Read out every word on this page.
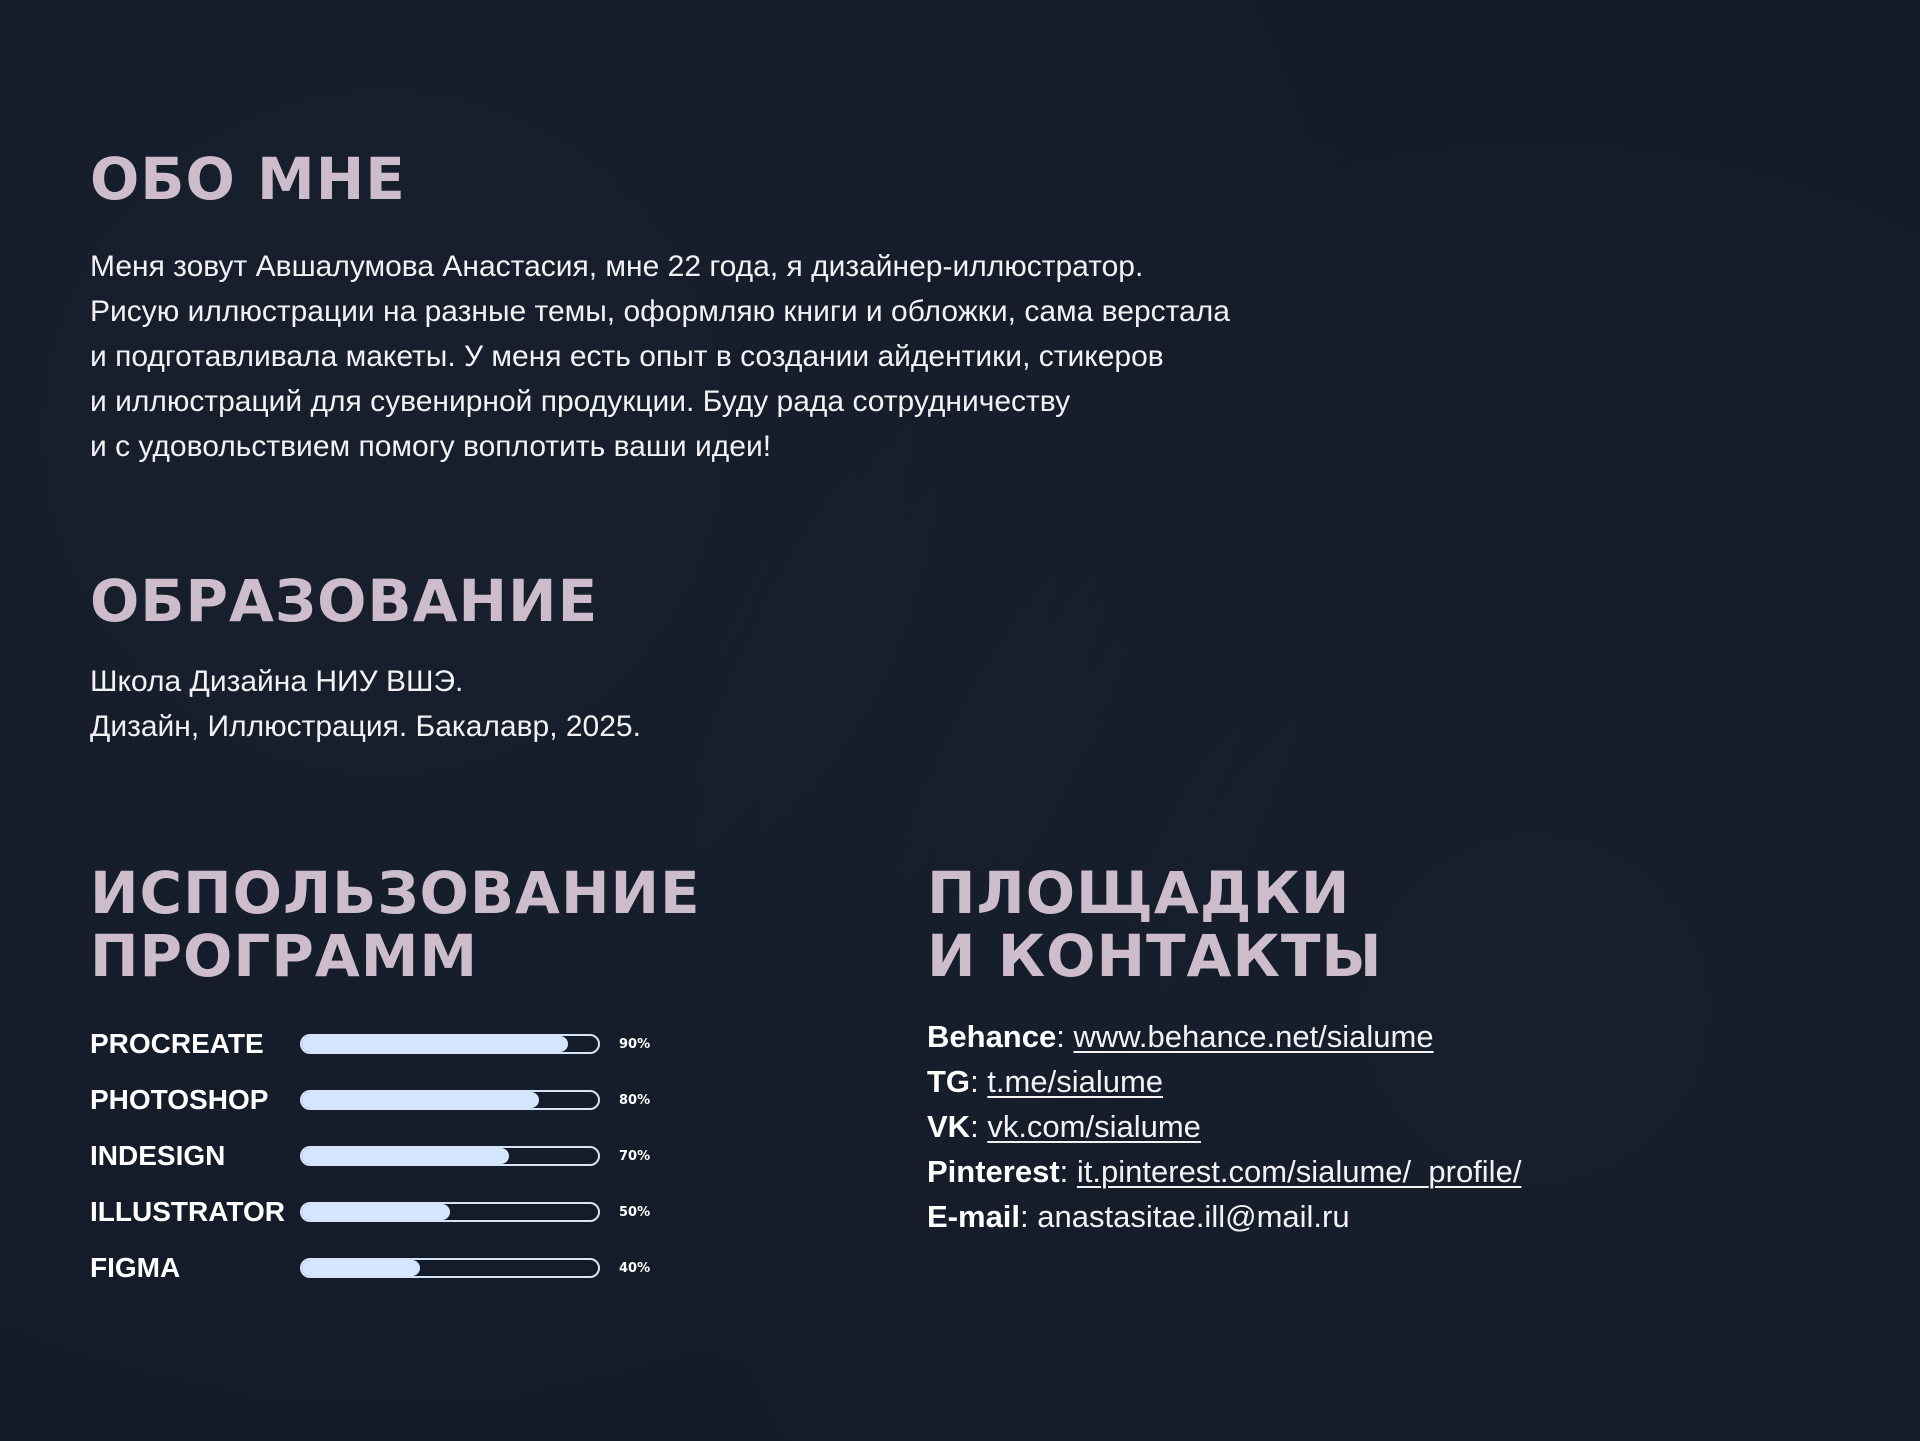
ОБО МНЕ
Меня зовут Авшалумова Анастасия, мне 22 года, я дизайнер-иллюстратор.
Рисую иллюстрации на разные темы, оформляю книги и обложки, сама верстала
и подготавливала макеты. У меня есть опыт в создании айдентики, стикеров
и иллюстраций для сувенирной продукции. Буду рада сотрудничеству
и с удовольствием помогу воплотить ваши идеи!
ОБРАЗОВАНИЕ
Школа Дизайна НИУ ВШЭ.
Дизайн, Иллюстрация. Бакалавр, 2025.
ИСПОЛЬЗОВАНИЕ
ПРОГРАММ
PROCREATE	90%
PHOTOSHOP	80%
INDESIGN	70%
ILLUSTRATOR	50%
FIGMA	40%
ПЛОЩАДКИ
И КОНТАКТЫ
Behance: www.behance.net/sialume
TG: t.me/sialume
VK: vk.com/sialume
Pinterest: it.pinterest.com/sialume/_profile/
E-mail: anastasitae.ill@mail.ru
